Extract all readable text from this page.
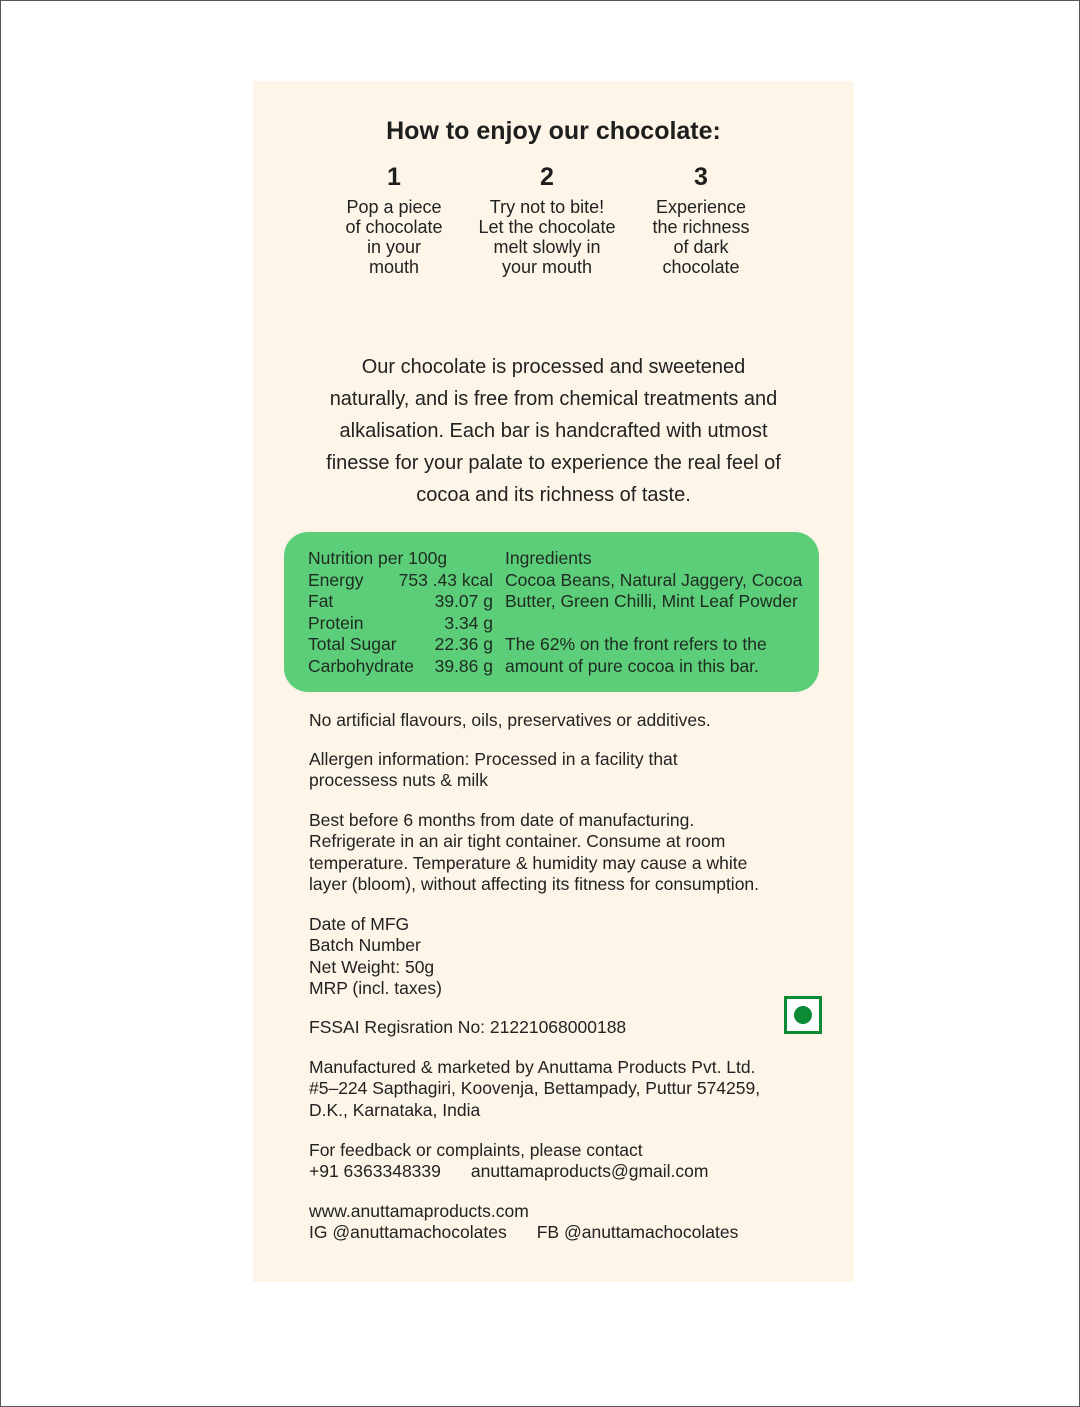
How to enjoy our chocolate:
1
Pop a piece
of chocolate
in your
mouth
2
Try not to bite!
Let the chocolate
melt slowly in
your mouth
3
Experience
the richness
of dark
chocolate
Our chocolate is processed and sweetened
naturally, and is free from chemical treatments and
alkalisation. Each bar is handcrafted with utmost
finesse for your palate to experience the real feel of
cocoa and its richness of taste.
Nutrition per 100g
Energy 753 .43 kcal
Fat	39.07 g
Protein	3.34 g
Total Sugar 22.36 g
Carbohydrate 39.86 g
Ingredients
Cocoa Beans, Natural Jaggery, Cocoa
Butter, Green Chilli, Mint Leaf Powder
The 62% on the front refers to the
amount of pure cocoa in this bar.
No artificial flavours, oils, preservatives or additives.
Allergen information: Processed in a facility that
processess nuts & milk
Best before 6 months from date of manufacturing.
Refrigerate in an air tight container. Consume at room
temperature. Temperature & humidity may cause a white
layer (bloom), without affecting its fitness for consumption.
Date of MFG
Batch Number
Net Weight: 50g
MRP (incl. taxes)
FSSAI Regisration No: 21221068000188
Manufactured & marketed by Anuttama Products Pvt. Ltd.
#5–224 Sapthagiri, Koovenja, Bettampady, Puttur 574259,
D.K., Karnataka, India
For feedback or complaints, please contact
+91 6363348339 anuttamaproducts@gmail.com
www.anuttamaproducts.com
IG @anuttamachocolates FB @anuttamachocolates
